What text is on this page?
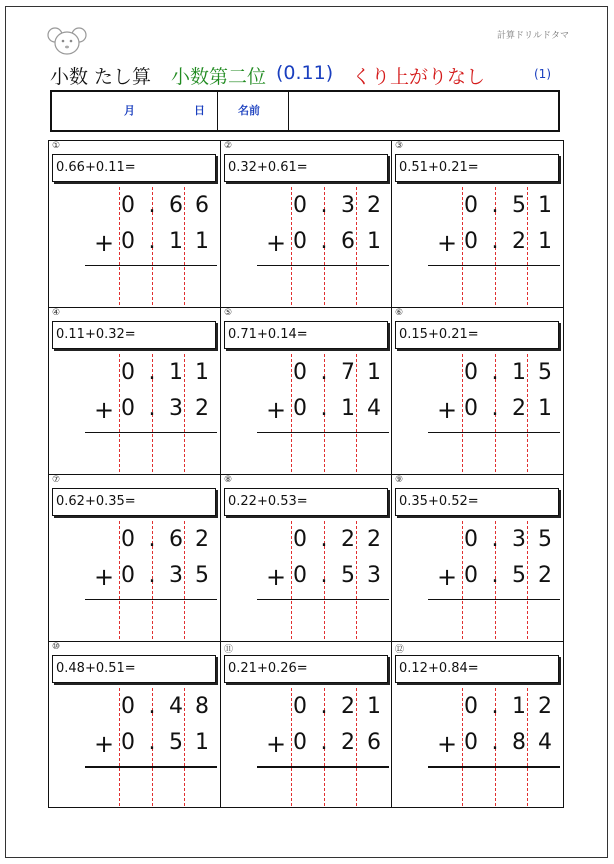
計算ドリルドタマ
小数 たし算 小数第二位 (0.11) くり上がりなし	(1)
月	日	名前
①
0.66+0.11=
0 . 6 6
+ 0 . 1 1
②
0.32+0.61=
0 . 3 2
+ 0 . 6 1
③
0.51+0.21=
0 . 5 1
+ 0 . 2 1
④
0.11+0.32=
0 . 1 1
+ 0 . 3 2
⑤
0.71+0.14=
0 . 7 1
+ 0 . 1 4
⑥
0.15+0.21=
0 . 1 5
+ 0 . 2 1
⑦
0.62+0.35=
0 . 6 2
+ 0 . 3 5
⑧
0.22+0.53=
0 . 2 2
+ 0 . 5 3
⑨
0.35+0.52=
0 . 3 5
+ 0 . 5 2
⑩
0.48+0.51=
0 . 4 8
+ 0 . 5 1
⑪
0.21+0.26=
0 . 2 1
+ 0 . 2 6
⑫
0.12+0.84=
0 . 1 2
+ 0 . 8 4
